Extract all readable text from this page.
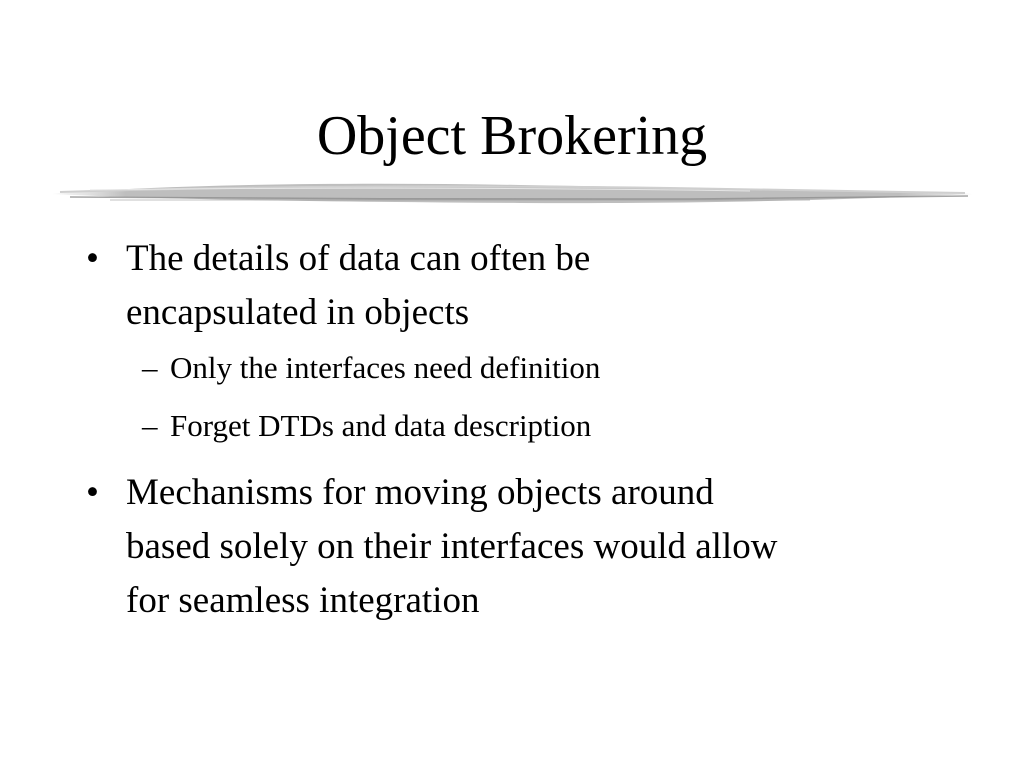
Object Brokering
• The details of data can often be
encapsulated in objects
– Only the interfaces need definition
– Forget DTDs and data description
• Mechanisms for moving objects around
based solely on their interfaces would allow
for seamless integration
